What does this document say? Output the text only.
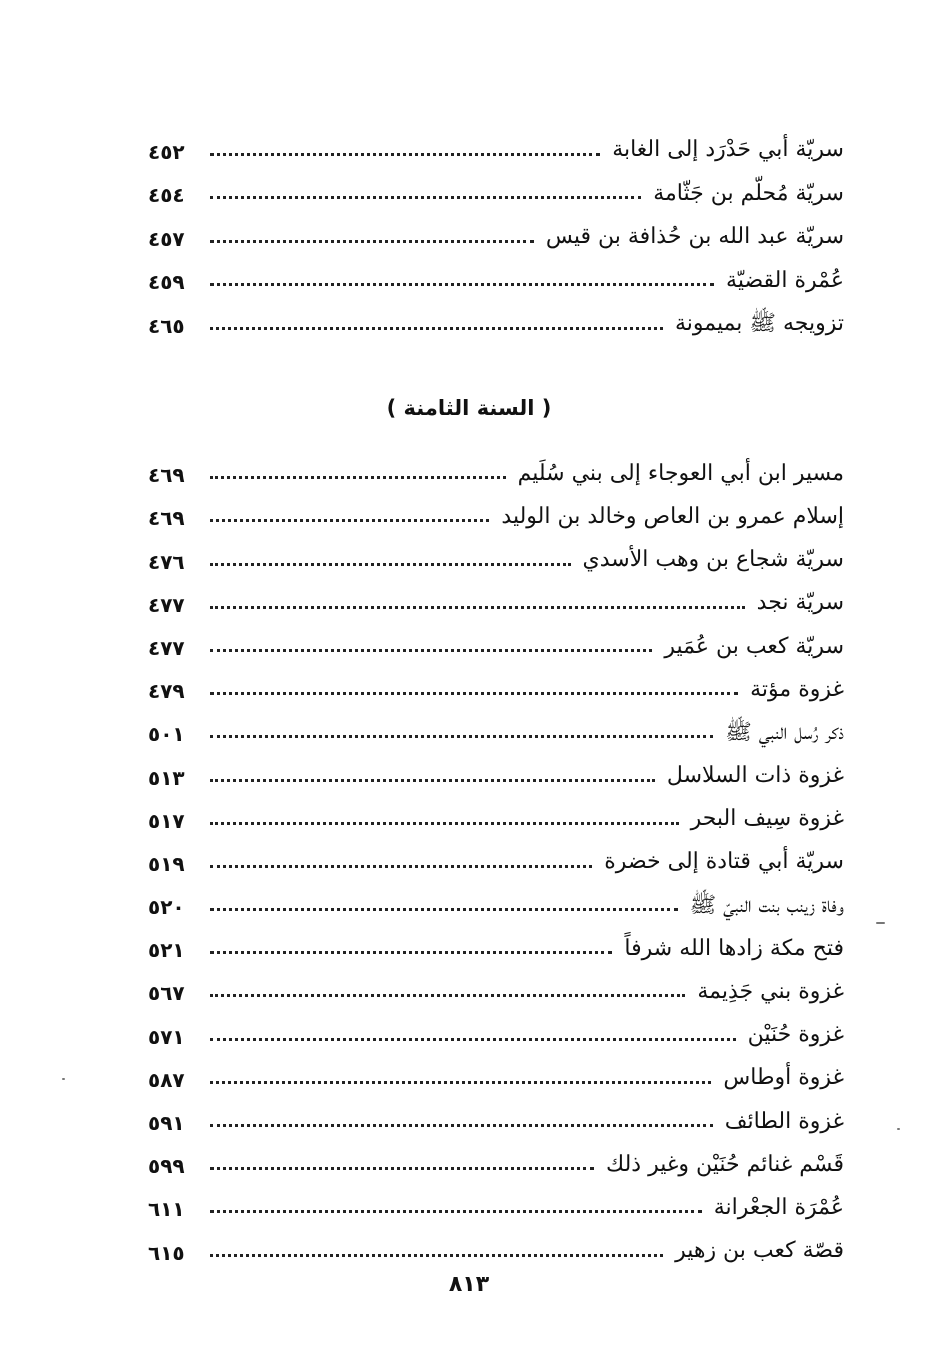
سريّة أبي حَدْرَد إلى الغابة
٤٥٢
سريّة مُحلّم بن جَثّامة
٤٥٤
سريّة عبد الله بن حُذافة بن قيس
٤٥٧
عُمْرة القضيّة
٤٥٩
تزويجه ﷺ بميمونة
٤٦٥
( السنة الثامنة )
مسير ابن أبي العوجاء إلى بني سُلَيم
٤٦٩
إسلام عمرو بن العاص وخالد بن الوليد
٤٦٩
سريّة شجاع بن وهب الأسدي
٤٧٦
سريّة نجد
٤٧٧
سريّة كعب بن عُمَير
٤٧٧
غزوة مؤتة
٤٧٩
ذكر رُسل النبي ﷺ
٥٠١
غزوة ذات السلاسل
٥١٣
غزوة سِيف البحر
٥١٧
سريّة أبي قتادة إلى خضرة
٥١٩
وفاة زينب بنت النبيّ ﷺ
٥٢٠
فتح مكة زادها الله شرفاً
٥٢١
غزوة بني جَذِيمة
٥٦٧
غزوة حُنَيْن
٥٧١
غزوة أوطاس
٥٨٧
غزوة الطائف
٥٩١
قَسْم غنائم حُنَيْن وغير ذلك
٥٩٩
عُمْرَة الجعْرانة
٦١١
قصّة كعب بن زهير
٦١٥
٨١٣
